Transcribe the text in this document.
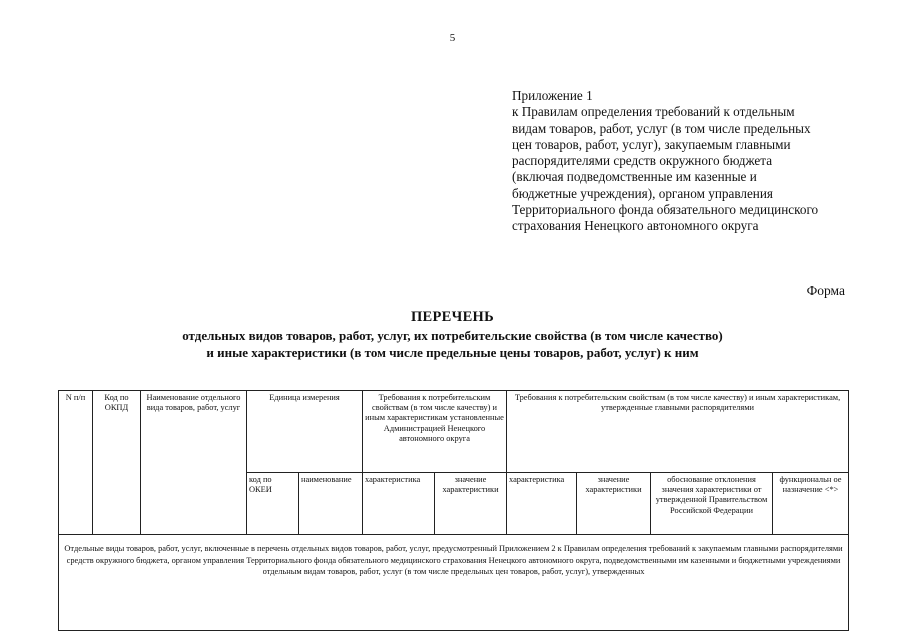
5
Приложение 1
к Правилам определения требований к отдельным
видам товаров, работ, услуг (в том числе предельных
цен товаров, работ, услуг), закупаемым главными
распорядителями средств окружного бюджета
(включая подведомственные им казенные и
бюджетные учреждения), органом управления
Территориального фонда обязательного медицинского
страхования Ненецкого автономного округа
Форма
ПЕРЕЧЕНЬ
отдельных видов товаров, работ, услуг, их потребительские свойства (в том числе качество)
и иные характеристики (в том числе предельные цены товаров, работ, услуг) к ним
N п/п	Код по ОКПД	Наименование отдельного вида товаров, работ, услуг	Единица измерения		Требования к потребительским свойствам (в том числе качеству) и иным характеристикам установленные Администрацией Ненецкого автономного округа		Требования к потребительским свойствам (в том числе качеству) и иным характеристикам, утвержденные главными распорядителями			
			код по ОКЕИ	наименование	характеристика	значение характеристики	характеристика	значение характеристики	обоснование отклонения значения характеристики от утвержденной Правительством Российской Федерации	функциональн ое назначение <*>
Отдельные виды товаров, работ, услуг, включенные в перечень отдельных видов товаров, работ, услуг, предусмотренный Приложением 2 к Правилам определения требований к закупаемым главными распорядителями средств окружного бюджета, органом управления Территориального фонда обязательного медицинского страхования Ненецкого автономного округа, подведомственными им казенными и бюджетными учреждениями отдельным видам товаров, работ, услуг (в том числе предельных цен товаров, работ, услуг), утвержденных										
